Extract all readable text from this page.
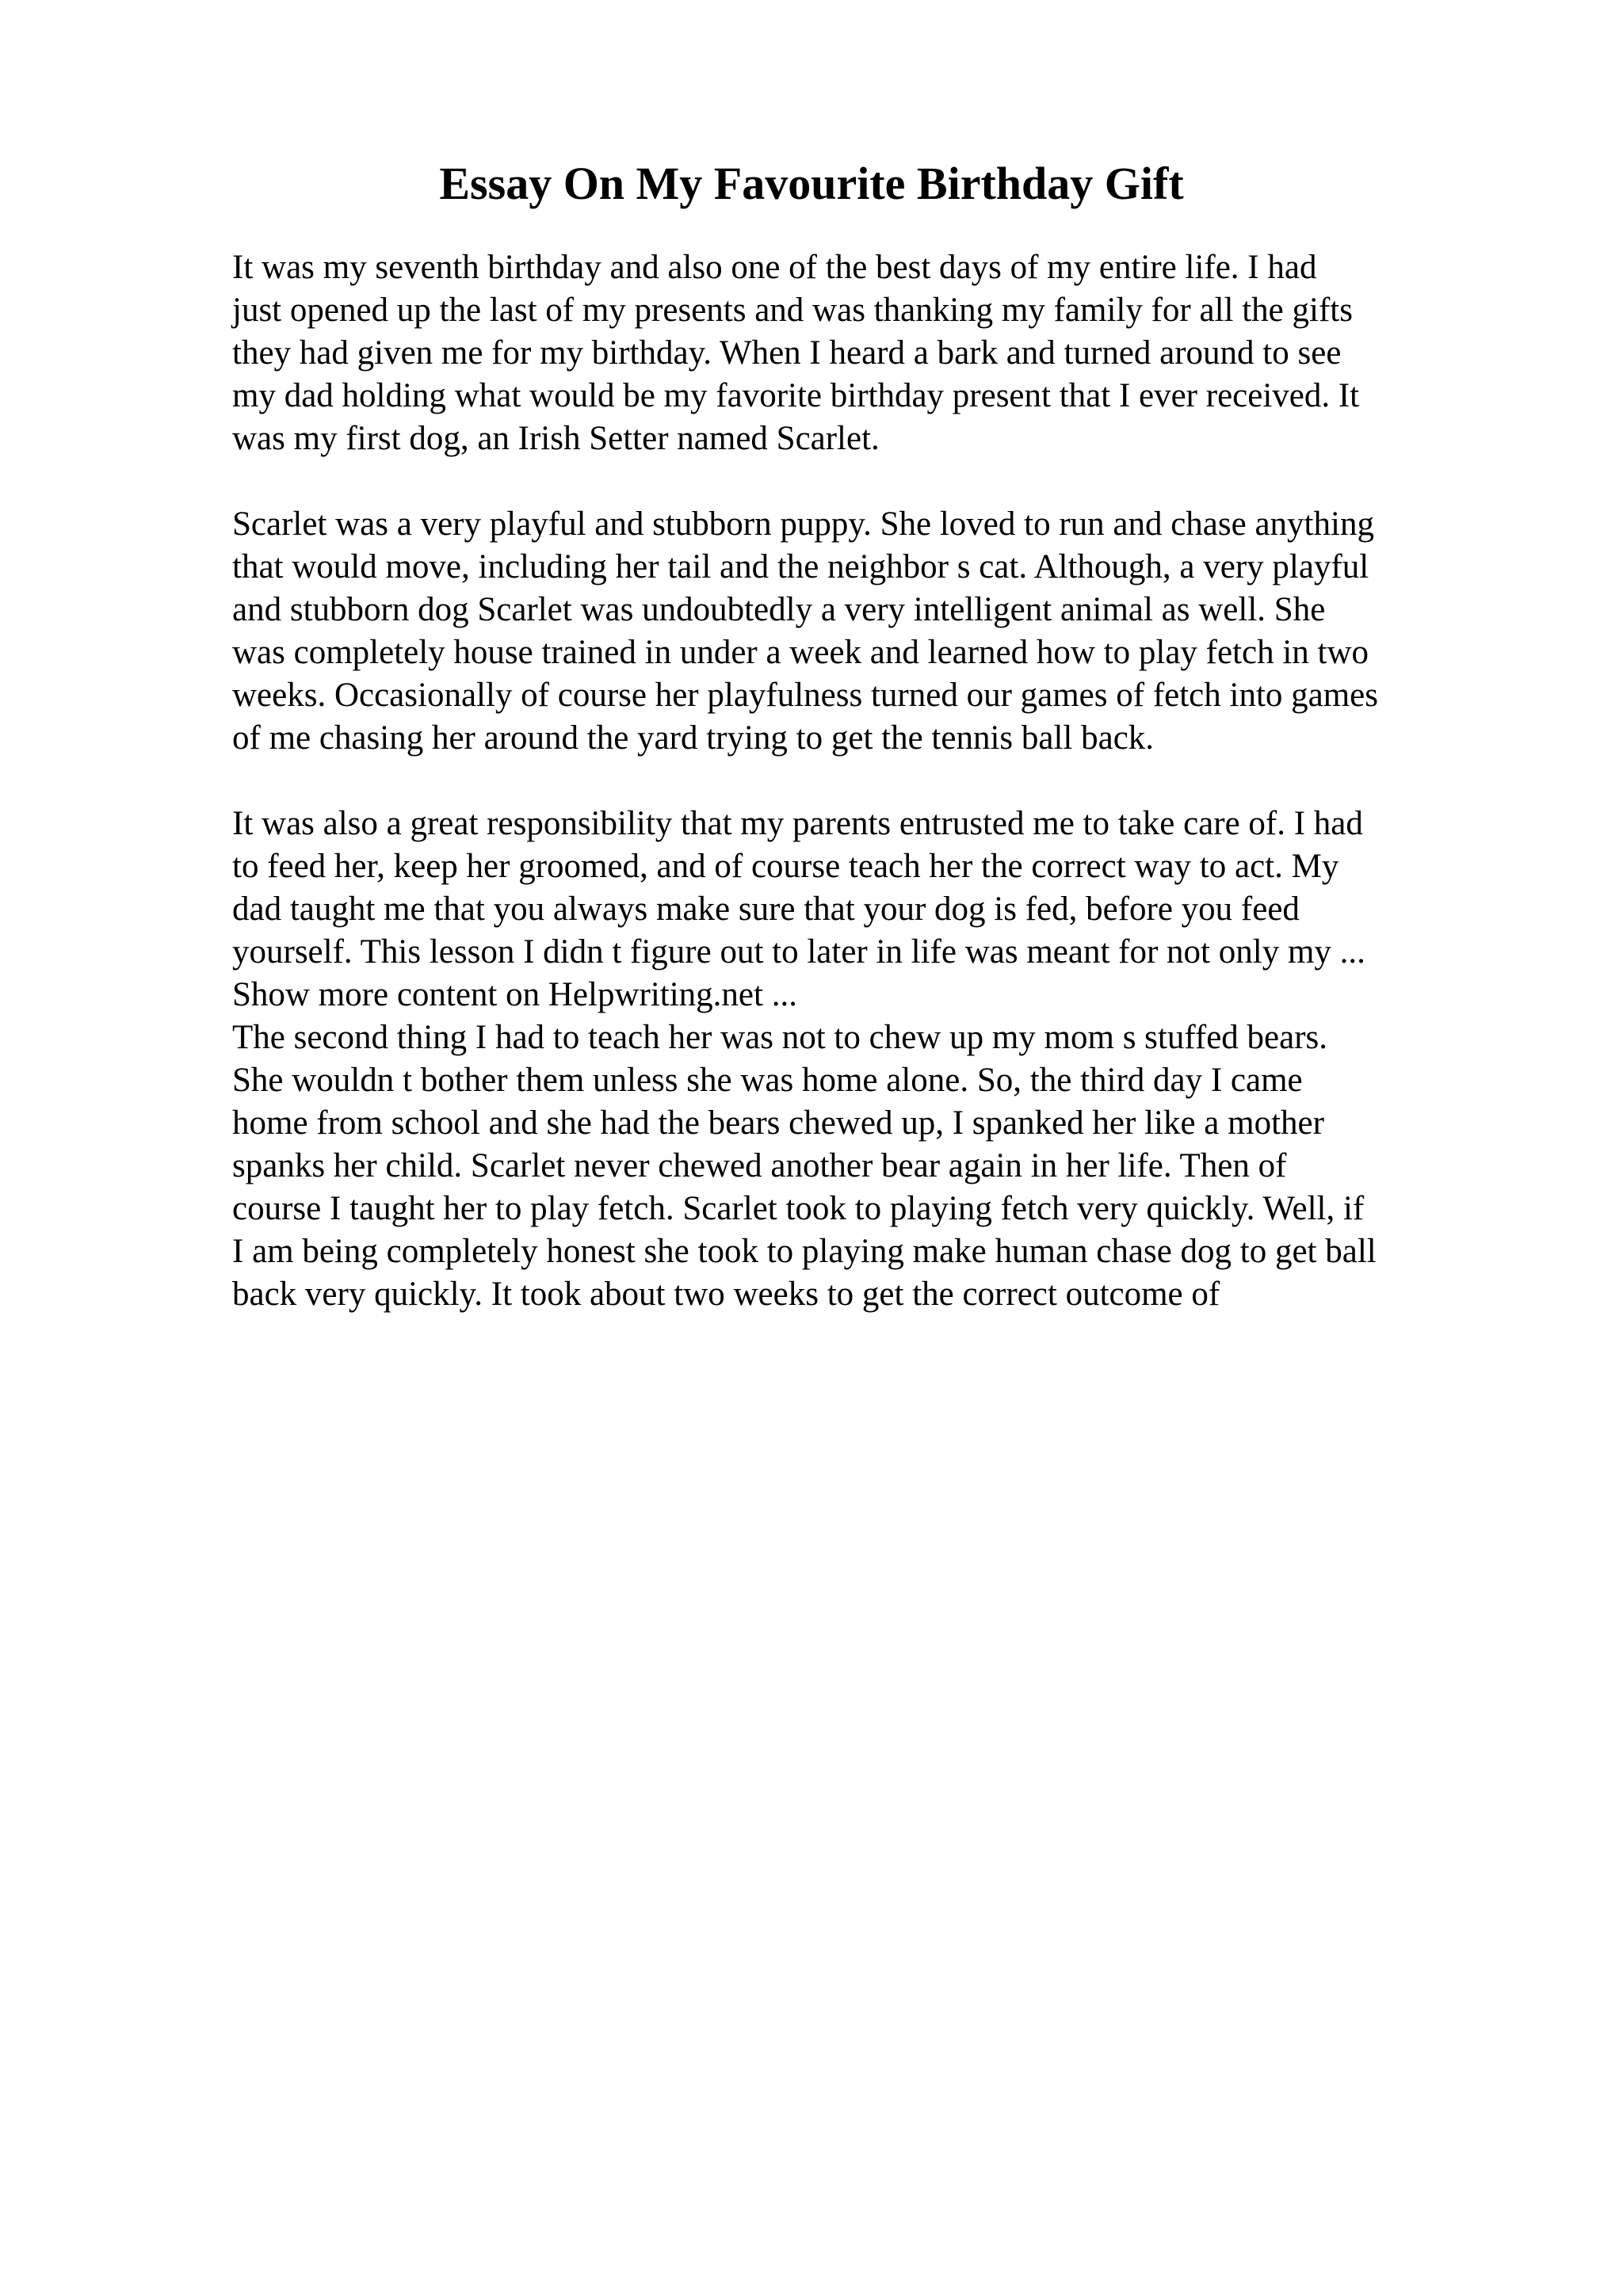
Essay On My Favourite Birthday Gift
It was my seventh birthday and also one of the best days of my entire life. I had
just opened up the last of my presents and was thanking my family for all the gifts
they had given me for my birthday. When I heard a bark and turned around to see
my dad holding what would be my favorite birthday present that I ever received. It
was my first dog, an Irish Setter named Scarlet.
Scarlet was a very playful and stubborn puppy. She loved to run and chase anything
that would move, including her tail and the neighbor s cat. Although, a very playful
and stubborn dog Scarlet was undoubtedly a very intelligent animal as well. She
was completely house trained in under a week and learned how to play fetch in two
weeks. Occasionally of course her playfulness turned our games of fetch into games
of me chasing her around the yard trying to get the tennis ball back.
It was also a great responsibility that my parents entrusted me to take care of. I had
to feed her, keep her groomed, and of course teach her the correct way to act. My
dad taught me that you always make sure that your dog is fed, before you feed
yourself. This lesson I didn t figure out to later in life was meant for not only my ...
Show more content on Helpwriting.net ...
The second thing I had to teach her was not to chew up my mom s stuffed bears.
She wouldn t bother them unless she was home alone. So, the third day I came
home from school and she had the bears chewed up, I spanked her like a mother
spanks her child. Scarlet never chewed another bear again in her life. Then of
course I taught her to play fetch. Scarlet took to playing fetch very quickly. Well, if
I am being completely honest she took to playing make human chase dog to get ball
back very quickly. It took about two weeks to get the correct outcome of
